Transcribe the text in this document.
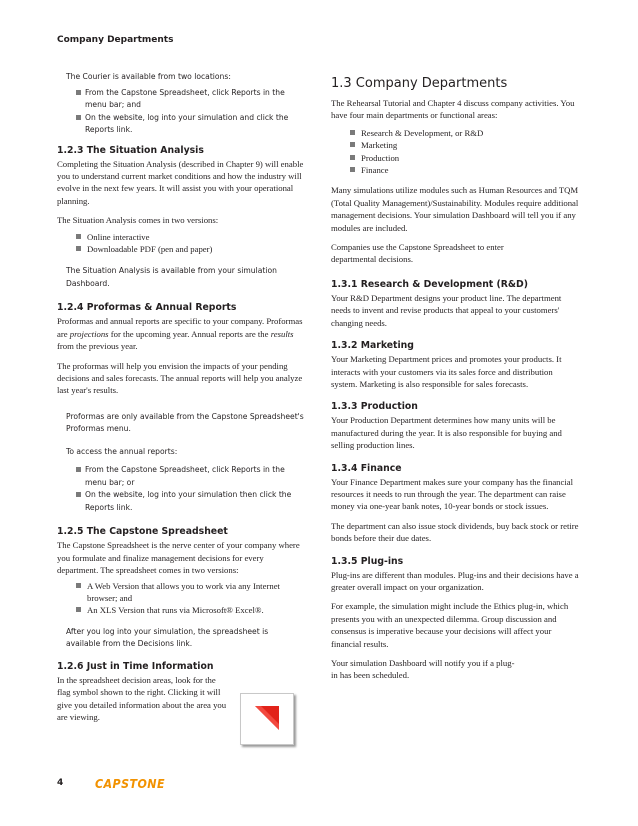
Company Departments

The Courier is available from two locations:

From the Capstone Spreadsheet, click Reports in the menu bar; and
On the website, log into your simulation and click the Reports link.
1.2.3 The Situation Analysis

Completing the Situation Analysis (described in Chapter 9) will enable you to understand current market conditions and how the industry will evolve in the next few years. It will assist you with your operational planning.

The Situation Analysis comes in two versions:

Online interactive
Downloadable PDF (pen and paper)

The Situation Analysis is available from your simulation Dashboard.

1.2.4 Proformas & Annual Reports

Proformas and annual reports are specific to your company. Proformas are projections for the upcoming year. Annual reports are the results from the previous year.

The proformas will help you envision the impacts of your pending decisions and sales forecasts. The annual reports will help you analyze last year's results.

Proformas are only available from the Capstone Spreadsheet's Proformas menu.

To access the annual reports:

From the Capstone Spreadsheet, click Reports in the menu bar; or
On the website, log into your simulation then click the Reports link.
1.2.5 The Capstone Spreadsheet

The Capstone Spreadsheet is the nerve center of your company where you formulate and finalize management decisions for every department. The spreadsheet comes in two versions:

A Web Version that allows you to work via any Internet browser; and
An XLS Version that runs via Microsoft® Excel®.

After you log into your simulation, the spreadsheet is available from the Decisions link.

1.2.6 Just in Time Information

In the spreadsheet decision areas, look for the flag symbol shown to the right. Clicking it will give you detailed information about the area you are viewing.

1.3 Company Departments

The Rehearsal Tutorial and Chapter 4 discuss company activities. You have four main departments or functional areas:

Research & Development, or R&D
Marketing
Production
Finance

Many simulations utilize modules such as Human Resources and TQM (Total Quality Management)/Sustainability. Modules require additional management decisions. Your simulation Dashboard will tell you if any modules are included.

Companies use the Capstone Spreadsheet to enter departmental decisions.

1.3.1 Research & Development (R&D)

Your R&D Department designs your product line. The department needs to invent and revise products that appeal to your customers' changing needs.

1.3.2 Marketing

Your Marketing Department prices and promotes your products. It interacts with your customers via its sales force and distribution system. Marketing is also responsible for sales forecasts.

1.3.3 Production

Your Production Department determines how many units will be manufactured during the year. It is also responsible for buying and selling production lines.

1.3.4 Finance

Your Finance Department makes sure your company has the financial resources it needs to run through the year. The department can raise money via one-year bank notes, 10-year bonds or stock issues.

The department can also issue stock dividends, buy back stock or retire bonds before their due dates.

1.3.5 Plug-ins

Plug-ins are different than modules. Plug-ins and their decisions have a greater overall impact on your organization.

For example, the simulation might include the Ethics plug-in, which presents you with an unexpected dilemma. Group discussion and consensus is imperative because your decisions will affect your financial results.

Your simulation Dashboard will notify you if a plug-in has been scheduled.

4	CAPSTONE
